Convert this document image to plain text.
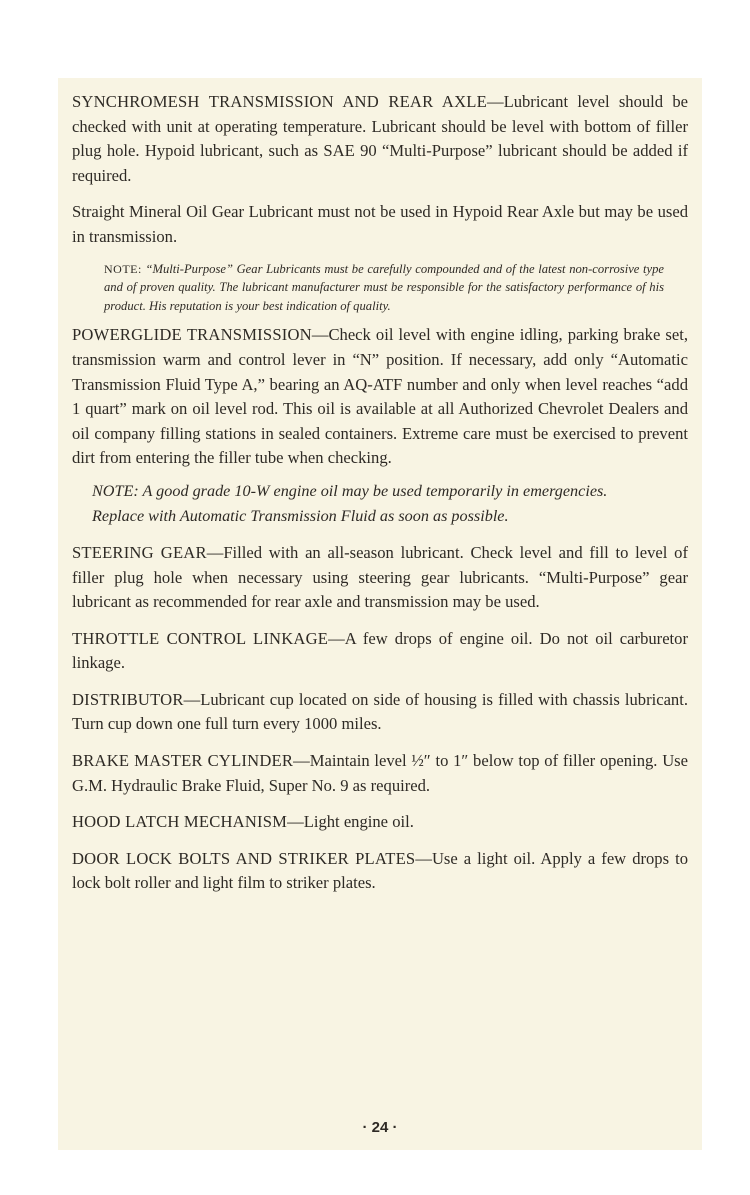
SYNCHROMESH TRANSMISSION AND REAR AXLE—Lubricant level should be checked with unit at operating temperature. Lubricant should be level with bottom of filler plug hole. Hypoid lubricant, such as SAE 90 “Multi-Purpose” lubricant should be added if required.

Straight Mineral Oil Gear Lubricant must not be used in Hypoid Rear Axle but may be used in transmission.

NOTE: “Multi-Purpose” Gear Lubricants must be carefully compounded and of the latest non-corrosive type and of proven quality. The lubricant manufacturer must be responsible for the satisfactory performance of his product. His reputation is your best indication of quality.

POWERGLIDE TRANSMISSION—Check oil level with engine idling, parking brake set, transmission warm and control lever in “N” position. If necessary, add only “Automatic Transmission Fluid Type A,” bearing an AQ-ATF number and only when level reaches “add 1 quart” mark on oil level rod. This oil is available at all Authorized Chevrolet Dealers and oil company filling stations in sealed containers. Extreme care must be exercised to prevent dirt from entering the filler tube when checking.

NOTE: A good grade 10-W engine oil may be used temporarily in emergencies. Replace with Automatic Transmission Fluid as soon as possible.

STEERING GEAR—Filled with an all-season lubricant. Check level and fill to level of filler plug hole when necessary using steering gear lubricants. “Multi-Purpose” gear lubricant as recommended for rear axle and transmission may be used.

THROTTLE CONTROL LINKAGE—A few drops of engine oil. Do not oil carburetor linkage.

DISTRIBUTOR—Lubricant cup located on side of housing is filled with chassis lubricant. Turn cup down one full turn every 1000 miles.

BRAKE MASTER CYLINDER—Maintain level ½″ to 1″ below top of filler opening. Use G.M. Hydraulic Brake Fluid, Super No. 9 as required.

HOOD LATCH MECHANISM—Light engine oil.

DOOR LOCK BOLTS AND STRIKER PLATES—Use a light oil. Apply a few drops to lock bolt roller and light film to striker plates.

· 24 ·
